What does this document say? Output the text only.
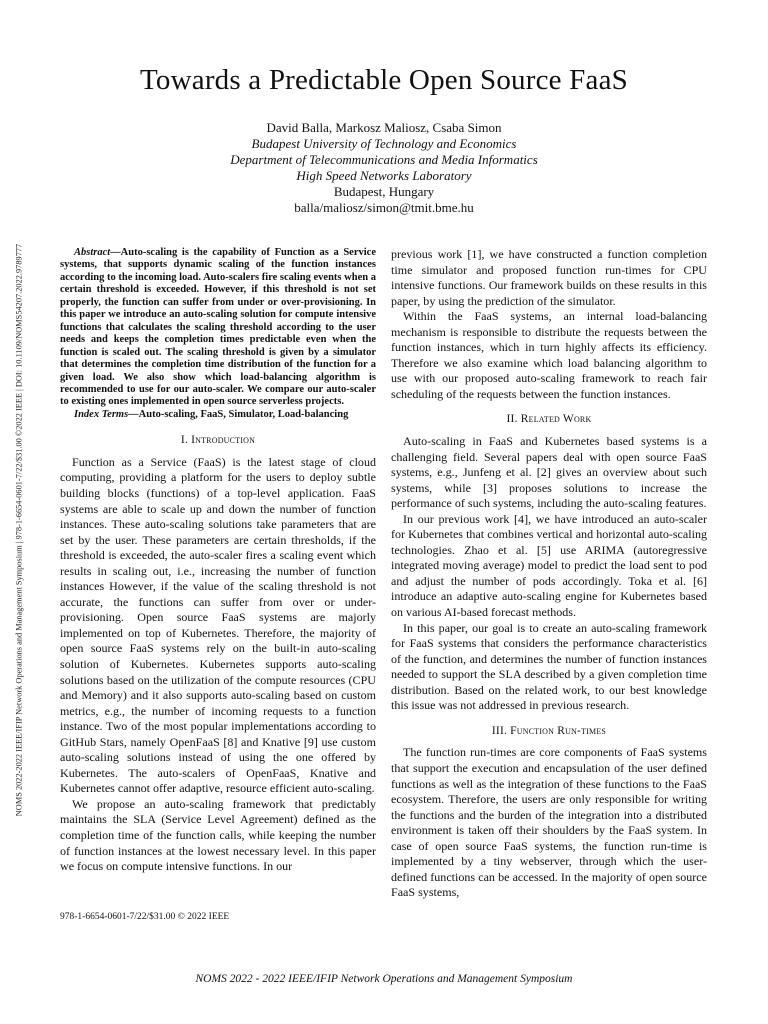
NOMS 2022-2022 IEEE/IFIP Network Operations and Management Symposium | 978-1-6654-0601-7/22/$31.00 ©2022 IEEE | DOI: 10.1109/NOMS54207.2022.9789777
Towards a Predictable Open Source FaaS
David Balla, Markosz Maliosz, Csaba Simon
Budapest University of Technology and Economics
Department of Telecommunications and Media Informatics
High Speed Networks Laboratory
Budapest, Hungary
balla/maliosz/simon@tmit.bme.hu

Abstract—Auto-scaling is the capability of Function as a Service systems, that supports dynamic scaling of the function instances according to the incoming load. Auto-scalers fire scaling events when a certain threshold is exceeded. However, if this threshold is not set properly, the function can suffer from under or over-provisioning. In this paper we introduce an auto-scaling solution for compute intensive functions that calculates the scaling threshold according to the user needs and keeps the completion times predictable even when the function is scaled out. The scaling threshold is given by a simulator that determines the completion time distribution of the function for a given load. We also show which load-balancing algorithm is recommended to use for our auto-scaler. We compare our auto-scaler to existing ones implemented in open source serverless projects.

Index Terms—Auto-scaling, FaaS, Simulator, Load-balancing

I. Introduction

Function as a Service (FaaS) is the latest stage of cloud computing, providing a platform for the users to deploy subtle building blocks (functions) of a top-level application. FaaS systems are able to scale up and down the number of function instances. These auto-scaling solutions take parameters that are set by the user. These parameters are certain thresholds, if the threshold is exceeded, the auto-scaler fires a scaling event which results in scaling out, i.e., increasing the number of function instances However, if the value of the scaling threshold is not accurate, the functions can suffer from over or under-provisioning. Open source FaaS systems are majorly implemented on top of Kubernetes. Therefore, the majority of open source FaaS systems rely on the built-in auto-scaling solution of Kubernetes. Kubernetes supports auto-scaling solutions based on the utilization of the compute resources (CPU and Memory) and it also supports auto-scaling based on custom metrics, e.g., the number of incoming requests to a function instance. Two of the most popular implementations according to GitHub Stars, namely OpenFaaS [8] and Knative [9] use custom auto-scaling solutions instead of using the one offered by Kubernetes. The auto-scalers of OpenFaaS, Knative and Kubernetes cannot offer adaptive, resource efficient auto-scaling.

We propose an auto-scaling framework that predictably maintains the SLA (Service Level Agreement) defined as the completion time of the function calls, while keeping the number of function instances at the lowest necessary level. In this paper we focus on compute intensive functions. In our

previous work [1], we have constructed a function completion time simulator and proposed function run-times for CPU intensive functions. Our framework builds on these results in this paper, by using the prediction of the simulator.

Within the FaaS systems, an internal load-balancing mechanism is responsible to distribute the requests between the function instances, which in turn highly affects its efficiency. Therefore we also examine which load balancing algorithm to use with our proposed auto-scaling framework to reach fair scheduling of the requests between the function instances.

II. Related Work

Auto-scaling in FaaS and Kubernetes based systems is a challenging field. Several papers deal with open source FaaS systems, e.g., Junfeng et al. [2] gives an overview about such systems, while [3] proposes solutions to increase the performance of such systems, including the auto-scaling features.

In our previous work [4], we have introduced an auto-scaler for Kubernetes that combines vertical and horizontal auto-scaling technologies. Zhao et al. [5] use ARIMA (autoregressive integrated moving average) model to predict the load sent to pod and adjust the number of pods accordingly. Toka et al. [6] introduce an adaptive auto-scaling engine for Kubernetes based on various AI-based forecast methods.

In this paper, our goal is to create an auto-scaling framework for FaaS systems that considers the performance characteristics of the function, and determines the number of function instances needed to support the SLA described by a given completion time distribution. Based on the related work, to our best knowledge this issue was not addressed in previous research.

III. Function Run-times

The function run-times are core components of FaaS systems that support the execution and encapsulation of the user defined functions as well as the integration of these functions to the FaaS ecosystem. Therefore, the users are only responsible for writing the functions and the burden of the integration into a distributed environment is taken off their shoulders by the FaaS system. In case of open source FaaS systems, the function run-time is implemented by a tiny webserver, through which the user-defined functions can be accessed. In the majority of open source FaaS systems,

978-1-6654-0601-7/22/$31.00 © 2022 IEEE
NOMS 2022 - 2022 IEEE/IFIP Network Operations and Management Symposium
